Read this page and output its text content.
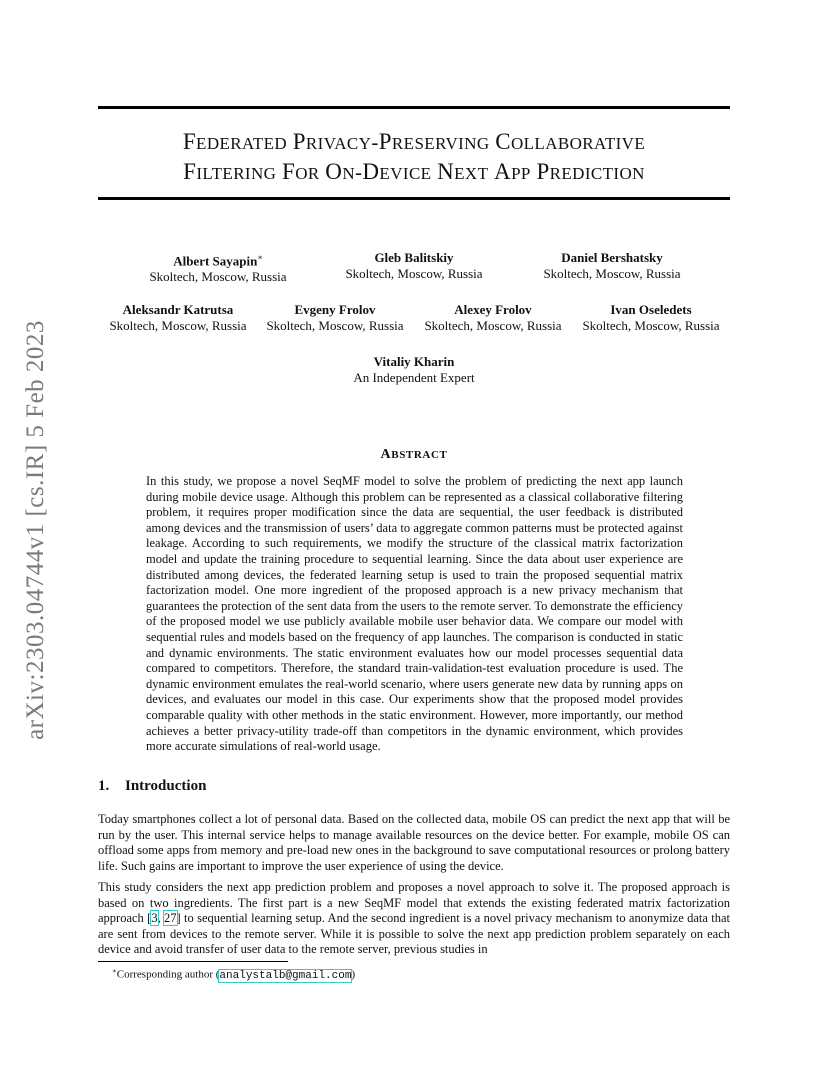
arXiv:2303.04744v1 [cs.IR] 5 Feb 2023
FEDERATED PRIVACY-PRESERVING COLLABORATIVE
FILTERING FOR ON-DEVICE NEXT APP PREDICTION
Albert Sayapin∗
Skoltech, Moscow, Russia
Gleb Balitskiy
Skoltech, Moscow, Russia
Daniel Bershatsky
Skoltech, Moscow, Russia
Aleksandr Katrutsa
Skoltech, Moscow, Russia
Evgeny Frolov
Skoltech, Moscow, Russia
Alexey Frolov
Skoltech, Moscow, Russia
Ivan Oseledets
Skoltech, Moscow, Russia
Vitaliy Kharin
An Independent Expert
ABSTRACT
In this study, we propose a novel SeqMF model to solve the problem of predicting the next app launch during mobile device usage. Although this problem can be represented as a classical collaborative filtering problem, it requires proper modification since the data are sequential, the user feedback is distributed among devices and the transmission of users’ data to aggregate common patterns must be protected against leakage. According to such requirements, we modify the structure of the classical matrix factorization model and update the training procedure to sequential learning. Since the data about user experience are distributed among devices, the federated learning setup is used to train the proposed sequential matrix factorization model. One more ingredient of the proposed approach is a new privacy mechanism that guarantees the protection of the sent data from the users to the remote server. To demonstrate the efficiency of the proposed model we use publicly available mobile user behavior data. We compare our model with sequential rules and models based on the frequency of app launches. The comparison is conducted in static and dynamic environments. The static environment evaluates how our model processes sequential data compared to competitors. Therefore, the standard train-validation-test evaluation procedure is used. The dynamic environment emulates the real-world scenario, where users generate new data by running apps on devices, and evaluates our model in this case. Our experiments show that the proposed model provides comparable quality with other methods in the static environment. However, more importantly, our method achieves a better privacy-utility trade-off than competitors in the dynamic environment, which provides more accurate simulations of real-world usage.
1. Introduction
Today smartphones collect a lot of personal data. Based on the collected data, mobile OS can predict the next app that will be run by the user. This internal service helps to manage available resources on the device better. For example, mobile OS can offload some apps from memory and pre-load new ones in the background to save computational resources or prolong battery life. Such gains are important to improve the user experience of using the device.
This study considers the next app prediction problem and proposes a novel approach to solve it. The proposed approach is based on two ingredients. The first part is a new SeqMF model that extends the existing federated matrix factorization approach [3, 27] to sequential learning setup. And the second ingredient is a novel privacy mechanism to anonymize data that are sent from devices to the remote server. While it is possible to solve the next app prediction problem separately on each device and avoid transfer of user data to the remote server, previous studies in
∗Corresponding author (analystalb@gmail.com)
